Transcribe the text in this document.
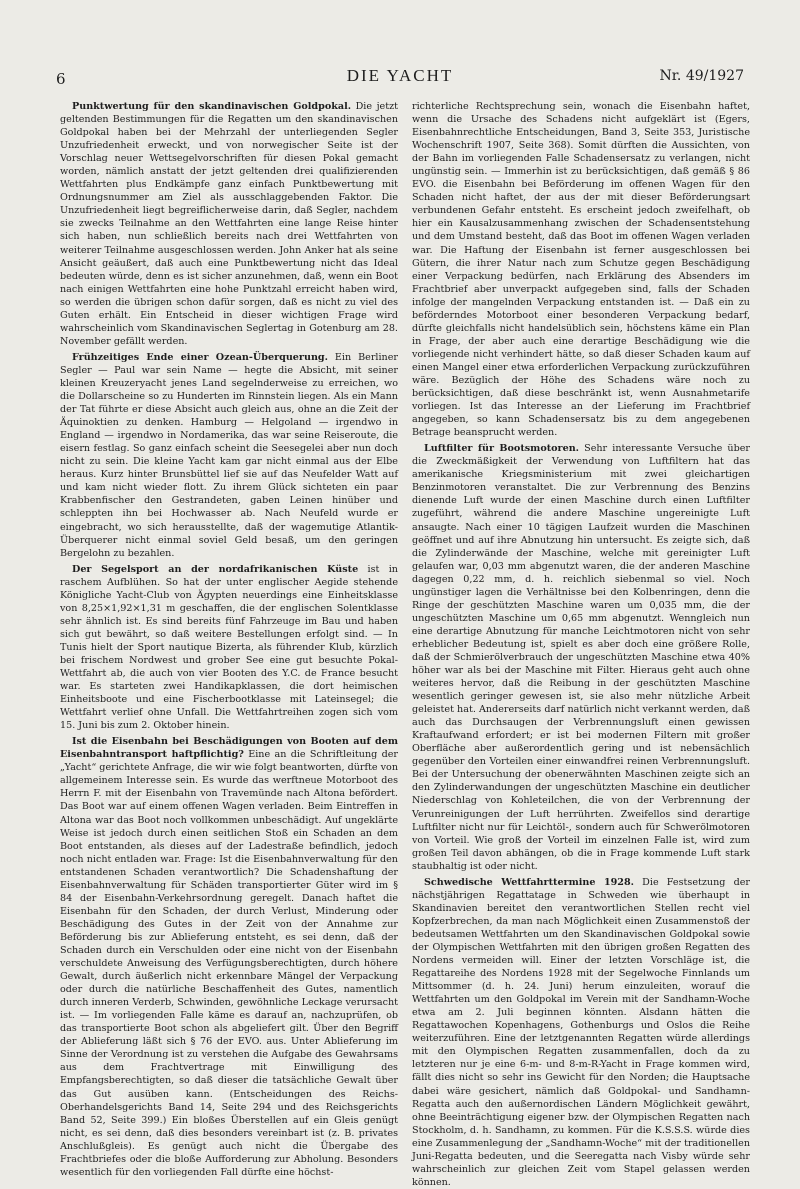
6	DIE YACHT	Nr. 49/1927

Punktwertung für den skandinavischen Goldpokal. Die jetzt geltenden Bestimmungen für die Regatten um den skandinavischen Goldpokal haben bei der Mehrzahl der unterliegenden Segler Unzufriedenheit erweckt, und von norwegischer Seite ist der Vorschlag neuer Wettsegelvorschriften für diesen Pokal gemacht worden, nämlich anstatt der jetzt geltenden drei qualifizierenden Wettfahrten plus Endkämpfe ganz einfach Punktbewertung mit Ordnungsnummer am Ziel als ausschlaggebenden Faktor. Die Unzufriedenheit liegt begreiflicherweise darin, daß Segler, nachdem sie zwecks Teilnahme an den Wettfahrten eine lange Reise hinter sich haben, nun schließlich bereits nach drei Wettfahrten von weiterer Teilnahme ausgeschlossen werden. John Anker hat als seine Ansicht geäußert, daß auch eine Punktbewertung nicht das Ideal bedeuten würde, denn es ist sicher anzunehmen, daß, wenn ein Boot nach einigen Wettfahrten eine hohe Punktzahl erreicht haben wird, so werden die übrigen schon dafür sorgen, daß es nicht zu viel des Guten erhält. Ein Entscheid in dieser wichtigen Frage wird wahrscheinlich vom Skandinavischen Seglertag in Gotenburg am 28. November gefällt werden.

Frühzeitiges Ende einer Ozean-Überquerung. Ein Berliner Segler — Paul war sein Name — hegte die Absicht, mit seiner kleinen Kreuzeryacht jenes Land segelnderweise zu erreichen, wo die Dollarscheine so zu Hunderten im Rinnstein liegen. Als ein Mann der Tat führte er diese Absicht auch gleich aus, ohne an die Zeit der Äquinoktien zu denken. Hamburg — Helgoland — irgendwo in England — irgendwo in Nordamerika, das war seine Reiseroute, die eisern festlag. So ganz einfach scheint die Seesegelei aber nun doch nicht zu sein. Die kleine Yacht kam gar nicht einmal aus der Elbe heraus. Kurz hinter Brunsbüttel lief sie auf das Neufelder Watt auf und kam nicht wieder flott. Zu ihrem Glück sichteten ein paar Krabbenfischer den Gestrandeten, gaben Leinen hinüber und schleppten ihn bei Hochwasser ab. Nach Neufeld wurde er eingebracht, wo sich herausstellte, daß der wagemutige Atlantik-Überquerer nicht einmal soviel Geld besaß, um den geringen Bergelohn zu bezahlen.

Der Segelsport an der nordafrikanischen Küste ist in raschem Aufblühen. So hat der unter englischer Aegide stehende Königliche Yacht-Club von Ägypten neuerdings eine Einheitsklasse von 8,25×1,92×1,31 m geschaffen, die der englischen Solentklasse sehr ähnlich ist. Es sind bereits fünf Fahrzeuge im Bau und haben sich gut bewährt, so daß weitere Bestellungen erfolgt sind. — In Tunis hielt der Sport nautique Bizerta, als führender Klub, kürzlich bei frischem Nordwest und grober See eine gut besuchte Pokal-Wettfahrt ab, die auch von vier Booten des Y.C. de France besucht war. Es starteten zwei Handikapklassen, die dort heimischen Einheitsboote und eine Fischerbootklasse mit Lateinsegel; die Wettfahrt verlief ohne Unfall. Die Wettfahrtreihen zogen sich vom 15. Juni bis zum 2. Oktober hinein.

Ist die Eisenbahn bei Beschädigungen von Booten auf dem Eisenbahntransport haftpflichtig? Eine an die Schriftleitung der „Yacht“ gerichtete Anfrage, die wir wie folgt beantworten, dürfte von allgemeinem Interesse sein. Es wurde das werftneue Motorboot des Herrn F. mit der Eisenbahn von Travemünde nach Altona befördert. Das Boot war auf einem offenen Wagen verladen. Beim Eintreffen in Altona war das Boot noch vollkommen unbeschädigt. Auf ungeklärte Weise ist jedoch durch einen seitlichen Stoß ein Schaden an dem Boot entstanden, als dieses auf der Ladestraße befindlich, jedoch noch nicht entladen war. Frage: Ist die Eisenbahnverwaltung für den entstandenen Schaden verantwortlich? Die Schadenshaftung der Eisenbahnverwaltung für Schäden transportierter Güter wird im § 84 der Eisenbahn-Verkehrsordnung geregelt. Danach haftet die Eisenbahn für den Schaden, der durch Verlust, Minderung oder Beschädigung des Gutes in der Zeit von der Annahme zur Beförderung bis zur Ablieferung entsteht, es sei denn, daß der Schaden durch ein Verschulden oder eine nicht von der Eisenbahn verschuldete Anweisung des Verfügungsberechtigten, durch höhere Gewalt, durch äußerlich nicht erkennbare Mängel der Verpackung oder durch die natürliche Beschaffenheit des Gutes, namentlich durch inneren Verderb, Schwinden, gewöhnliche Leckage verursacht ist. — Im vorliegenden Falle käme es darauf an, nachzuprüfen, ob das transportierte Boot schon als abgeliefert gilt. Über den Begriff der Ablieferung läßt sich § 76 der EVO. aus. Unter Ablieferung im Sinne der Verordnung ist zu verstehen die Aufgabe des Gewahrsams aus dem Frachtvertrage mit Einwilligung des Empfangsberechtigten, so daß dieser die tatsächliche Gewalt über das Gut ausüben kann. (Entscheidungen des Reichs-Oberhandelsgerichts Band 14, Seite 294 und des Reichsgerichts Band 52, Seite 399.) Ein bloßes Überstellen auf ein Gleis genügt nicht, es sei denn, daß dies besonders vereinbart ist (z. B. privates Anschlußgleis). Es genügt auch nicht die Übergabe des Frachtbriefes oder die bloße Aufforderung zur Abholung. Besonders wesentlich für den vorliegenden Fall dürfte eine höchst-

richterliche Rechtsprechung sein, wonach die Eisenbahn haftet, wenn die Ursache des Schadens nicht aufgeklärt ist (Egers, Eisenbahnrechtliche Entscheidungen, Band 3, Seite 353, Juristische Wochenschrift 1907, Seite 368). Somit dürften die Aussichten, von der Bahn im vorliegenden Falle Schadensersatz zu verlangen, nicht ungünstig sein. — Immerhin ist zu berücksichtigen, daß gemäß § 86 EVO. die Eisenbahn bei Beförderung im offenen Wagen für den Schaden nicht haftet, der aus der mit dieser Beförderungsart verbundenen Gefahr entsteht. Es erscheint jedoch zweifelhaft, ob hier ein Kausalzusammenhang zwischen der Schadensentstehung und dem Umstand besteht, daß das Boot im offenen Wagen verladen war. Die Haftung der Eisenbahn ist ferner ausgeschlossen bei Gütern, die ihrer Natur nach zum Schutze gegen Beschädigung einer Verpackung bedürfen, nach Erklärung des Absenders im Frachtbrief aber unverpackt aufgegeben sind, falls der Schaden infolge der mangelnden Verpackung entstanden ist. — Daß ein zu beförderndes Motorboot einer besonderen Verpackung bedarf, dürfte gleichfalls nicht handelsüblich sein, höchstens käme ein Plan in Frage, der aber auch eine derartige Beschädigung wie die vorliegende nicht verhindert hätte, so daß dieser Schaden kaum auf einen Mangel einer etwa erforderlichen Verpackung zurückzuführen wäre. Bezüglich der Höhe des Schadens wäre noch zu berücksichtigen, daß diese beschränkt ist, wenn Ausnahmetarife vorliegen. Ist das Interesse an der Lieferung im Frachtbrief angegeben, so kann Schadensersatz bis zu dem angegebenen Betrage beansprucht werden.

Luftfilter für Bootsmotoren. Sehr interessante Versuche über die Zweckmäßigkeit der Verwendung von Luftfiltern hat das amerikanische Kriegsministerium mit zwei gleichartigen Benzinmotoren veranstaltet. Die zur Verbrennung des Benzins dienende Luft wurde der einen Maschine durch einen Luftfilter zugeführt, während die andere Maschine ungereinigte Luft ansaugte. Nach einer 10 tägigen Laufzeit wurden die Maschinen geöffnet und auf ihre Abnutzung hin untersucht. Es zeigte sich, daß die Zylinderwände der Maschine, welche mit gereinigter Luft gelaufen war, 0,03 mm abgenutzt waren, die der anderen Maschine dagegen 0,22 mm, d. h. reichlich siebenmal so viel. Noch ungünstiger lagen die Verhältnisse bei den Kolbenringen, denn die Ringe der geschützten Maschine waren um 0,035 mm, die der ungeschützten Maschine um 0,65 mm abgenutzt. Wenngleich nun eine derartige Abnutzung für manche Leichtmotoren nicht von sehr erheblicher Bedeutung ist, spielt es aber doch eine größere Rolle, daß der Schmierölverbrauch der ungeschützten Maschine etwa 40% höher war als bei der Maschine mit Filter. Hieraus geht auch ohne weiteres hervor, daß die Reibung in der geschützten Maschine wesentlich geringer gewesen ist, sie also mehr nützliche Arbeit geleistet hat. Andererseits darf natürlich nicht verkannt werden, daß auch das Durchsaugen der Verbrennungsluft einen gewissen Kraftaufwand erfordert; er ist bei modernen Filtern mit großer Oberfläche aber außerordentlich gering und ist nebensächlich gegenüber den Vorteilen einer einwandfrei reinen Verbrennungsluft. Bei der Untersuchung der obenerwähnten Maschinen zeigte sich an den Zylinderwandungen der ungeschützten Maschine ein deutlicher Niederschlag von Kohleteilchen, die von der Verbrennung der Verunreinigungen der Luft herrührten. Zweifellos sind derartige Luftfilter nicht nur für Leichtöl-, sondern auch für Schwerölmotoren von Vorteil. Wie groß der Vorteil im einzelnen Falle ist, wird zum großen Teil davon abhängen, ob die in Frage kommende Luft stark staubhaltig ist oder nicht.

Schwedische Wettfahrttermine 1928. Die Festsetzung der nächstjährigen Regattatage in Schweden wie überhaupt in Skandinavien bereitet den verantwortlichen Stellen recht viel Kopfzerbrechen, da man nach Möglichkeit einen Zusammenstoß der bedeutsamen Wettfahrten um den Skandinavischen Goldpokal sowie der Olympischen Wettfahrten mit den übrigen großen Regatten des Nordens vermeiden will. Einer der letzten Vorschläge ist, die Regattareihe des Nordens 1928 mit der Segelwoche Finnlands um Mittsommer (d. h. 24. Juni) herum einzuleiten, worauf die Wettfahrten um den Goldpokal im Verein mit der Sandhamn-Woche etwa am 2. Juli beginnen könnten. Alsdann hätten die Regattawochen Kopenhagens, Gothenburgs und Oslos die Reihe weiterzuführen. Eine der letztgenannten Regatten würde allerdings mit den Olympischen Regatten zusammenfallen, doch da zu letzteren nur je eine 6-m- und 8-m-R-Yacht in Frage kommen wird, fällt dies nicht so sehr ins Gewicht für den Norden; die Hauptsache dabei wäre gesichert, nämlich daß Goldpokal- und Sandhamn-Regatta auch den außernordischen Ländern Möglichkeit gewährt, ohne Beeinträchtigung eigener bzw. der Olympischen Regatten nach Stockholm, d. h. Sandhamn, zu kommen. Für die K.S.S.S. würde dies eine Zusammenlegung der „Sandhamn-Woche“ mit der traditionellen Juni-Regatta bedeuten, und die Seeregatta nach Visby würde sehr wahrscheinlich zur gleichen Zeit vom Stapel gelassen werden können.
